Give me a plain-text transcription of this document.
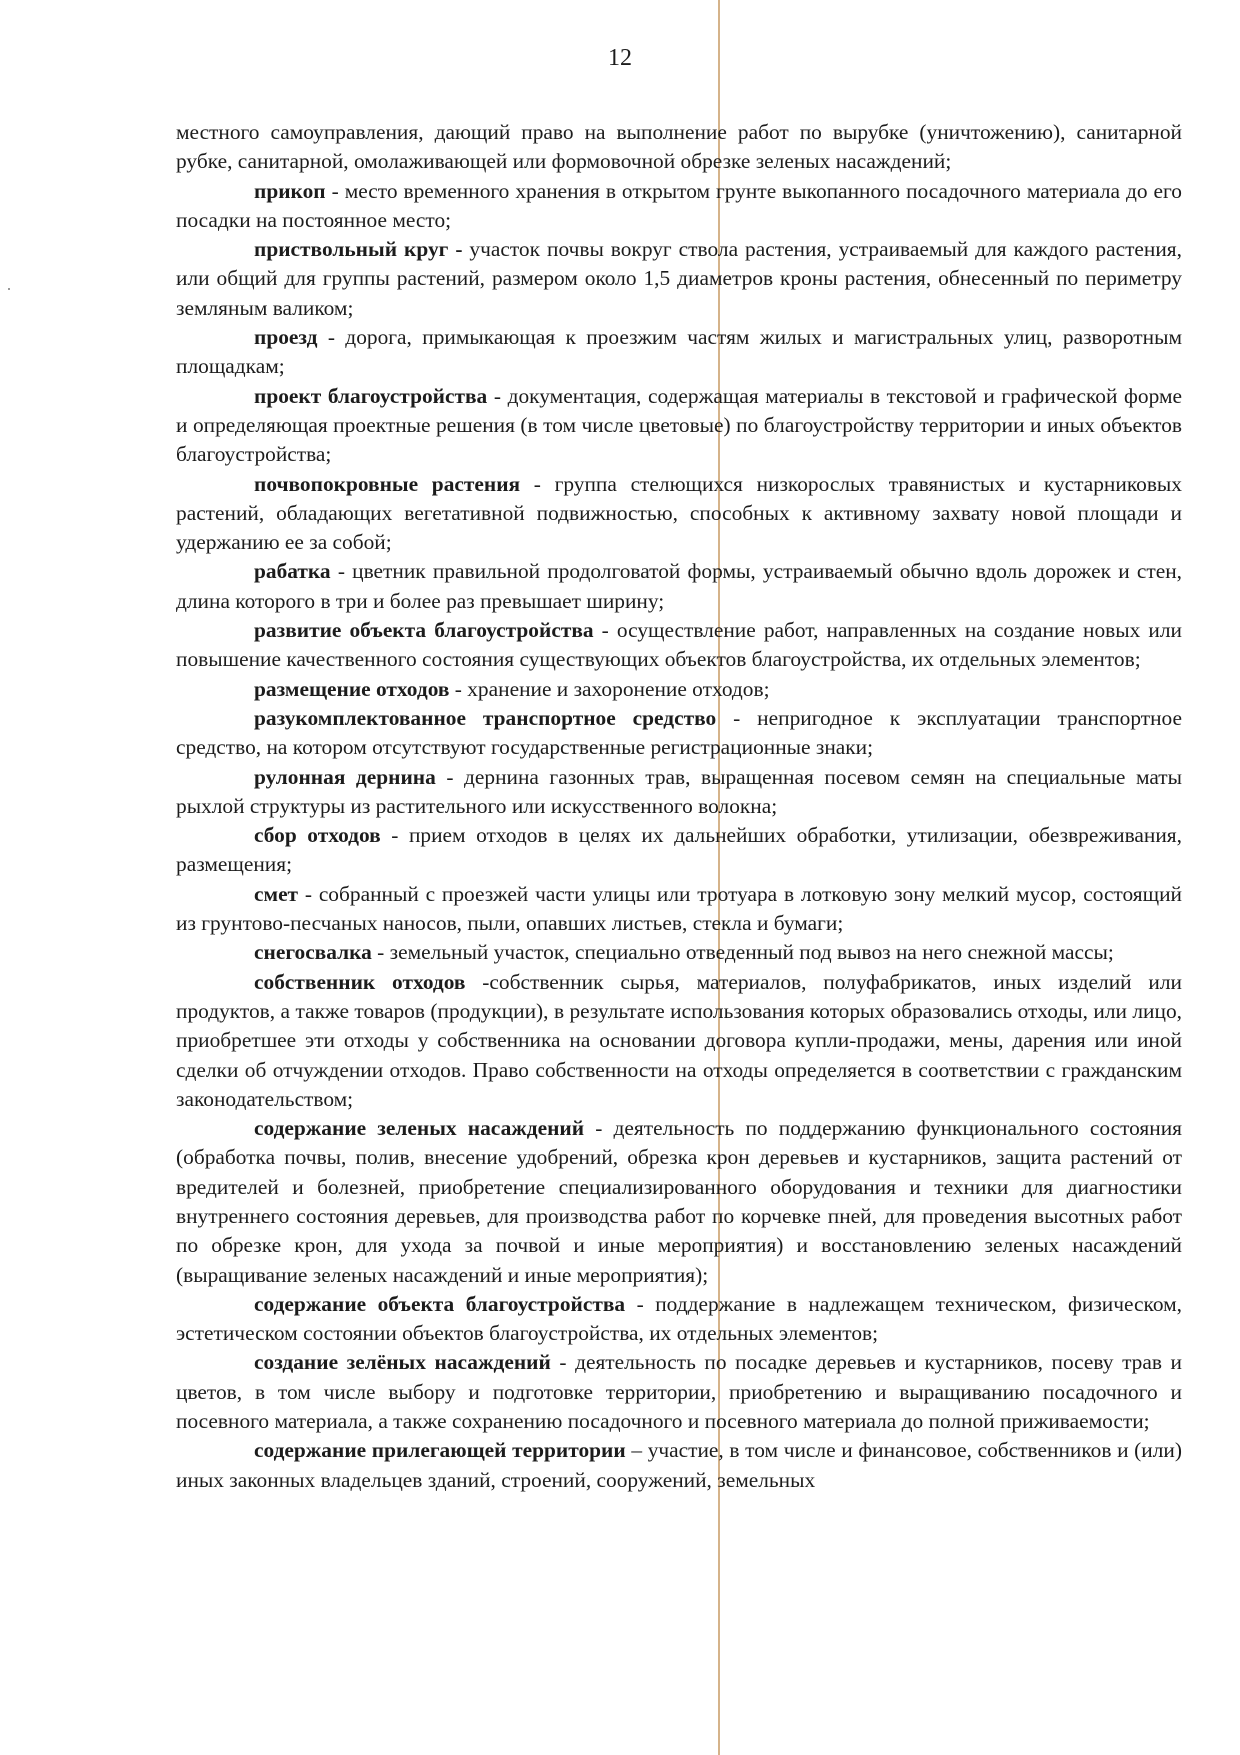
12

местного самоуправления, дающий право на выполнение работ по вырубке (уничтожению), санитарной рубке, санитарной, омолаживающей или формовочной обрезке зеленых насаждений;

прикоп - место временного хранения в открытом грунте выкопанного посадочного материала до его посадки на постоянное место;

приствольный круг - участок почвы вокруг ствола растения, устраиваемый для каждого растения, или общий для группы растений, размером около 1,5 диаметров кроны растения, обнесенный по периметру земляным валиком;

проезд - дорога, примыкающая к проезжим частям жилых и магистральных улиц, разворотным площадкам;

проект благоустройства - документация, содержащая материалы в текстовой и графической форме и определяющая проектные решения (в том числе цветовые) по благоустройству территории и иных объектов благоустройства;

почвопокровные растения - группа стелющихся низкорослых травянистых и кустарниковых растений, обладающих вегетативной подвижностью, способных к активному захвату новой площади и удержанию ее за собой;

рабатка - цветник правильной продолговатой формы, устраиваемый обычно вдоль дорожек и стен, длина которого в три и более раз превышает ширину;

развитие объекта благоустройства - осуществление работ, направленных на создание новых или повышение качественного состояния существующих объектов благоустройства, их отдельных элементов;

размещение отходов - хранение и захоронение отходов;

разукомплектованное транспортное средство - непригодное к эксплуатации транспортное средство, на котором отсутствуют государственные регистрационные знаки;

рулонная дернина - дернина газонных трав, выращенная посевом семян на специальные маты рыхлой структуры из растительного или искусственного волокна;

сбор отходов - прием отходов в целях их дальнейших обработки, утилизации, обезвреживания, размещения;

смет - собранный с проезжей части улицы или тротуара в лотковую зону мелкий мусор, состоящий из грунтово-песчаных наносов, пыли, опавших листьев, стекла и бумаги;

снегосвалка - земельный участок, специально отведенный под вывоз на него снежной массы;

собственник отходов -собственник сырья, материалов, полуфабрикатов, иных изделий или продуктов, а также товаров (продукции), в результате использования которых образовались отходы, или лицо, приобретшее эти отходы у собственника на основании договора купли-продажи, мены, дарения или иной сделки об отчуждении отходов. Право собственности на отходы определяется в соответствии с гражданским законодательством;

содержание зеленых насаждений - деятельность по поддержанию функционального состояния (обработка почвы, полив, внесение удобрений, обрезка крон деревьев и кустарников, защита растений от вредителей и болезней, приобретение специализированного оборудования и техники для диагностики внутреннего состояния деревьев, для производства работ по корчевке пней, для проведения высотных работ по обрезке крон, для ухода за почвой и иные мероприятия) и восстановлению зеленых насаждений (выращивание зеленых насаждений и иные мероприятия);

содержание объекта благоустройства - поддержание в надлежащем техническом, физическом, эстетическом состоянии объектов благоустройства, их отдельных элементов;

создание зелёных насаждений - деятельность по посадке деревьев и кустарников, посеву трав и цветов, в том числе выбору и подготовке территории, приобретению и выращиванию посадочного и посевного материала, а также сохранению посадочного и посевного материала до полной приживаемости;

содержание прилегающей территории – участие, в том числе и финансовое, собственников и (или) иных законных владельцев зданий, строений, сооружений, земельных
